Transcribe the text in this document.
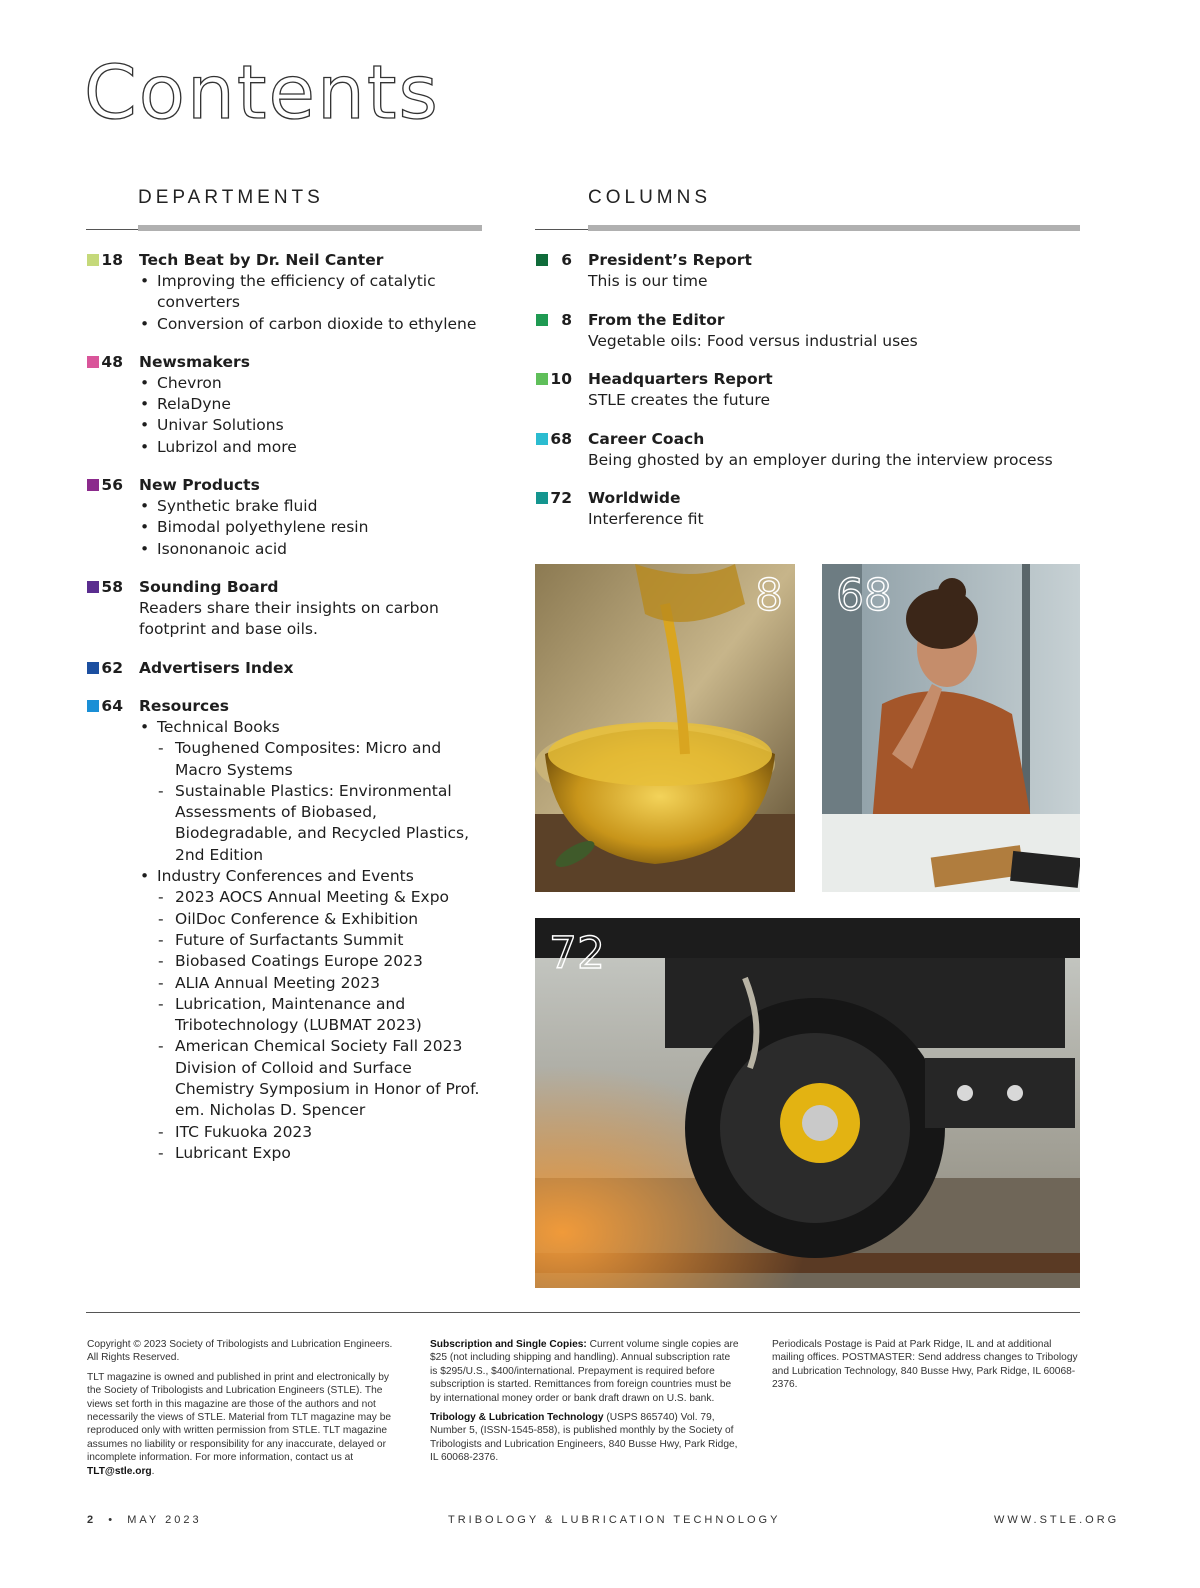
Contents
DEPARTMENTS	COLUMNS
18 Tech Beat by Dr. Neil Canter
• Improving the efficiency of catalytic converters
• Conversion of carbon dioxide to ethylene
48 Newsmakers
• Chevron
• RelaDyne
• Univar Solutions
• Lubrizol and more
56 New Products
• Synthetic brake fluid
• Bimodal polyethylene resin
• Isononanoic acid
58 Sounding Board
Readers share their insights on carbon footprint and base oils.
62 Advertisers Index
64 Resources
• Technical Books
- Toughened Composites: Micro and Macro Systems
- Sustainable Plastics: Environmental Assessments of Biobased, Biodegradable, and Recycled Plastics, 2nd Edition
• Industry Conferences and Events
- 2023 AOCS Annual Meeting & Expo
- OilDoc Conference & Exhibition
- Future of Surfactants Summit
- Biobased Coatings Europe 2023
- ALIA Annual Meeting 2023
- Lubrication, Maintenance and Tribotechnology (LUBMAT 2023)
- American Chemical Society Fall 2023 Division of Colloid and Surface Chemistry Symposium in Honor of Prof. em. Nicholas D. Spencer
- ITC Fukuoka 2023
- Lubricant Expo
6 President’s Report
This is our time
8 From the Editor
Vegetable oils: Food versus industrial uses
10 Headquarters Report
STLE creates the future
68 Career Coach
Being ghosted by an employer during the interview process
72 Worldwide
Interference fit
8 68
72

Copyright © 2023 Society of Tribologists and Lubrication Engineers. All Rights Reserved.

TLT magazine is owned and published in print and electronically by the Society of Tribologists and Lubrication Engineers (STLE). The views set forth in this magazine are those of the authors and not necessarily the views of STLE. Material from TLT magazine may be reproduced only with written permission from STLE. TLT magazine assumes no liability or responsibility for any inaccurate, delayed or incomplete information. For more information, contact us at TLT@stle.org.

Subscription and Single Copies: Current volume single copies are $25 (not including shipping and handling). Annual subscription rate is $295/U.S., $400/international. Prepayment is required before subscription is started. Remittances from foreign countries must be by international money order or bank draft drawn on U.S. bank.

Tribology & Lubrication Technology (USPS 865740) Vol. 79, Number 5, (ISSN-1545-858), is published monthly by the Society of Tribologists and Lubrication Engineers, 840 Busse Hwy, Park Ridge, IL 60068-2376.

Periodicals Postage is Paid at Park Ridge, IL and at additional mailing offices. POSTMASTER: Send address changes to Tribology and Lubrication Technology, 840 Busse Hwy, Park Ridge, IL 60068-2376.

2 • MAY 2023	TRIBOLOGY & LUBRICATION TECHNOLOGY	WWW.STLE.ORG
